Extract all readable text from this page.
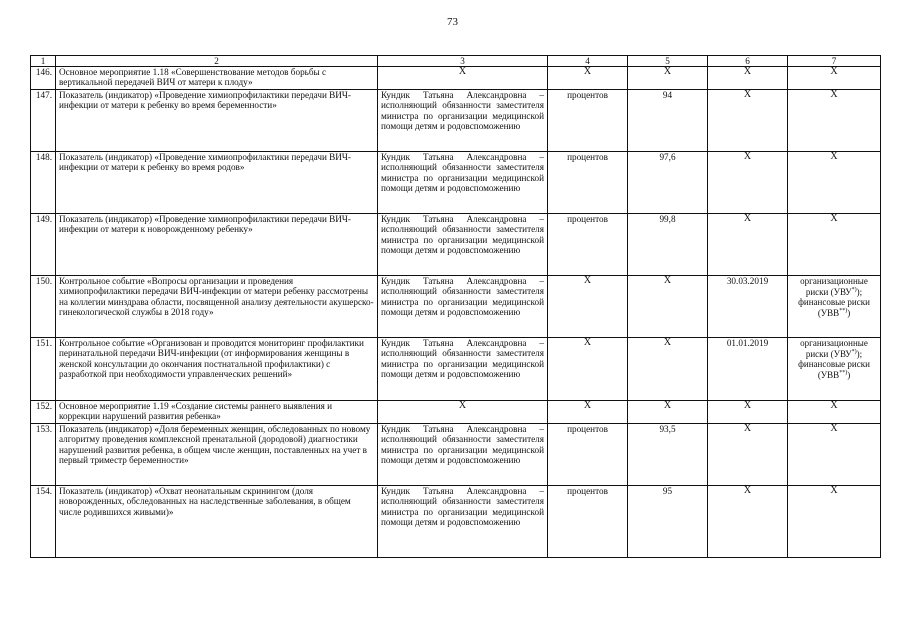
73
1	2	3	4	5	6	7
146.	Основное мероприятие 1.18 «Совершенствование методов борьбы с вертикальной передачей ВИЧ от матери к плоду»	X	X	X	X	X

147.	Показатель (индикатор) «Проведение химиопрофилактики передачи ВИЧ-инфекции от матери к ребенку во время беременности»	Кундик Татьяна Александровна – исполняющий обязанности заместителя министра по организации медицинской помощи детям и родовспоможению	процентов	94	X	X

148.	Показатель (индикатор) «Проведение химиопрофилактики передачи ВИЧ-инфекции от матери к ребенку во время родов»	Кундик Татьяна Александровна – исполняющий обязанности заместителя министра по организации медицинской помощи детям и родовспоможению	процентов	97,6	X	X

149.	Показатель (индикатор) «Проведение химиопрофилактики передачи ВИЧ-инфекции от матери к новорожденному ребенку»	Кундик Татьяна Александровна – исполняющий обязанности заместителя министра по организации медицинской помощи детям и родовспоможению	процентов	99,8	X	X

150.	Контрольное событие «Вопросы организации и проведения химиопрофилактики передачи ВИЧ-инфекции от матери ребенку рассмотрены на коллегии минздрава области, посвященной анализу деятельности акушерско-гинекологической службы в 2018 году»	Кундик Татьяна Александровна – исполняющий обязанности заместителя министра по организации медицинской помощи детям и родовспоможению	X	X	30.03.2019	организационные риски (УВУ*));
финансовые риски (УВВ**))
151.	Контрольное событие «Организован и проводится мониторинг профилактики перинатальной передачи ВИЧ-инфекции (от информирования женщины в женской консультации до окончания постнатальной профилактики) с разработкой при необходимости управленческих решений»	Кундик Татьяна Александровна – исполняющий обязанности заместителя министра по организации медицинской помощи детям и родовспоможению	X	X	01.01.2019	организационные риски (УВУ*));
финансовые риски (УВВ**))
152.	Основное мероприятие 1.19 «Создание системы раннего выявления и коррекции нарушений развития ребенка»	X	X	X	X	X

153.	Показатель (индикатор) «Доля беременных женщин, обследованных по новому алгоритму проведения комплексной пренатальной (дородовой) диагностики нарушений развития ребенка, в общем числе женщин, поставленных на учет в первый триместр беременности»	Кундик Татьяна Александровна – исполняющий обязанности заместителя министра по организации медицинской помощи детям и родовспоможению	процентов	93,5	X	X

154.	Показатель (индикатор) «Охват неонатальным скринингом (доля новорожденных, обследованных на наследственные заболевания, в общем числе родившихся живыми)»	Кундик Татьяна Александровна – исполняющий обязанности заместителя министра по организации медицинской помощи детям и родовспоможению	процентов	95	X	X
